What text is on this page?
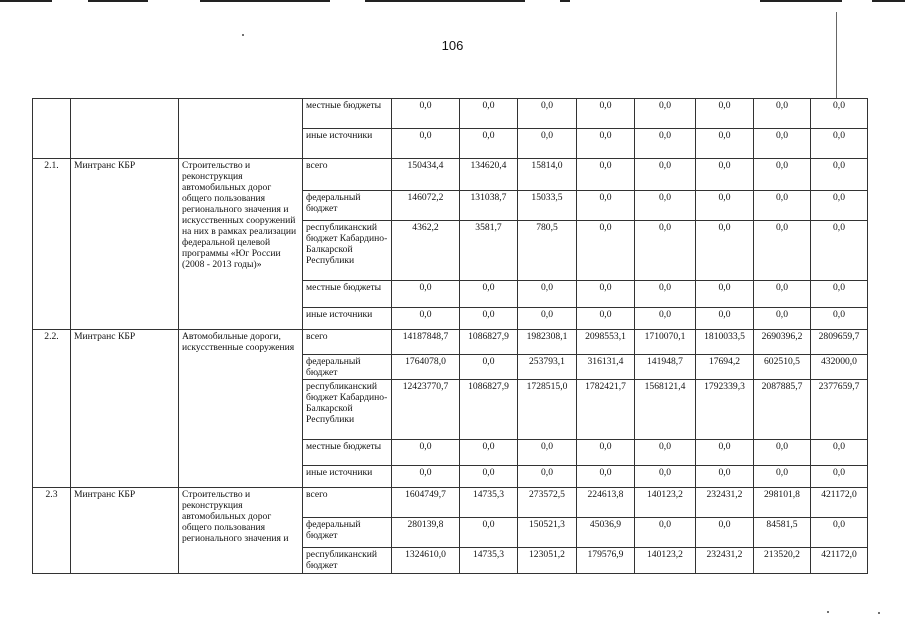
106
			местные бюджеты	0,0	0,0	0,0	0,0	0,0	0,0	0,0	0,0
			иные источники	0,0	0,0	0,0	0,0	0,0	0,0	0,0	0,0
2.1.	Минтранс КБР	Строительство и реконструкция автомобильных дорог общего пользования регионального значения и искусственных сооружений на них в рамках реализации федеральной целевой программы «Юг России (2008 - 2013 годы)»	всего	150434,4	134620,4	15814,0	0,0	0,0	0,0	0,0	0,0
			федеральный бюджет	146072,2	131038,7	15033,5	0,0	0,0	0,0	0,0	0,0
			республиканский бюджет Кабардино- Балкарской Республики	4362,2	3581,7	780,5	0,0	0,0	0,0	0,0	0,0
			местные бюджеты	0,0	0,0	0,0	0,0	0,0	0,0	0,0	0,0
			иные источники	0,0	0,0	0,0	0,0	0,0	0,0	0,0	0,0
2.2.	Минтранс КБР	Автомобильные дороги, искусственные сооружения	всего	14187848,7	1086827,9	1982308,1	2098553,1	1710070,1	1810033,5	2690396,2	2809659,7
			федеральный бюджет	1764078,0	0,0	253793,1	316131,4	141948,7	17694,2	602510,5	432000,0
			республиканский бюджет Кабардино- Балкарской Республики	12423770,7	1086827,9	1728515,0	1782421,7	1568121,4	1792339,3	2087885,7	2377659,7
			местные бюджеты	0,0	0,0	0,0	0,0	0,0	0,0	0,0	0,0
			иные источники	0,0	0,0	0,0	0,0	0,0	0,0	0,0	0,0
2.3	Минтранс КБР	Строительство и реконструкция автомобильных дорог общего пользования регионального значения и	всего	1604749,7	14735,3	273572,5	224613,8	140123,2	232431,2	298101,8	421172,0
			федеральный бюджет	280139,8	0,0	150521,3	45036,9	0,0	0,0	84581,5	0,0
			республиканский бюджет	1324610,0	14735,3	123051,2	179576,9	140123,2	232431,2	213520,2	421172,0
